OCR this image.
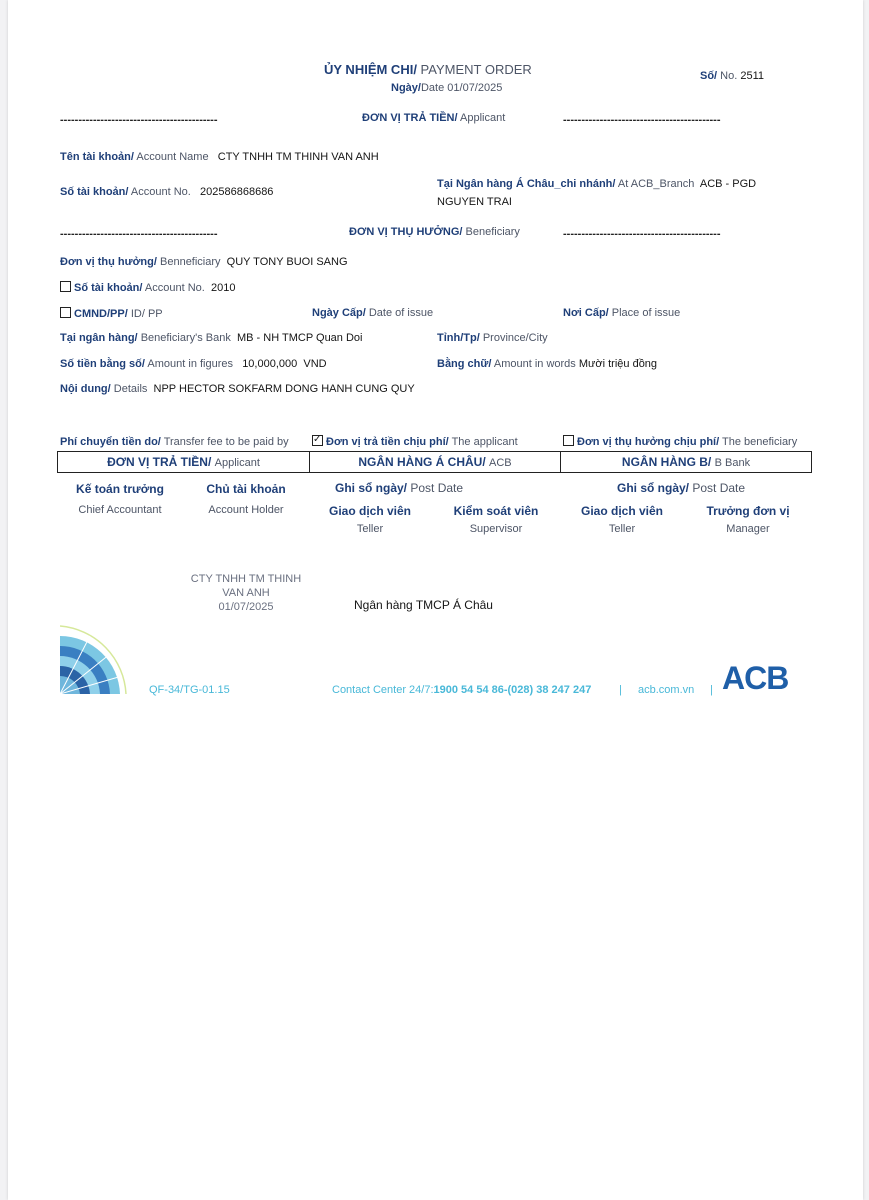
ỦY NHIỆM CHI/ PAYMENT ORDER
Ngày/Date 01/07/2025
Số/ No. 2511
-------------------------------------------	ĐƠN VỊ TRẢ TIỀN/ Applicant	-------------------------------------------
Tên tài khoản/ Account Name CTY TNHH TM THINH VAN ANH
Số tài khoản/ Account No. 202586868686
Tại Ngân hàng Á Châu_chi nhánh/ At ACB_Branch ACB - PGD
NGUYEN TRAI
-------------------------------------------	ĐƠN VỊ THỤ HƯỞNG/ Beneficiary	-------------------------------------------
Đơn vị thụ hưởng/ Benneficiary QUY TONY BUOI SANG
Số tài khoản/ Account No. 2010
CMND/PP/ ID/ PP	Ngày Cấp/ Date of issue	Nơi Cấp/ Place of issue
Tại ngân hàng/ Beneficiary's Bank MB - NH TMCP Quan Doi	Tỉnh/Tp/ Province/City
Số tiền bằng số/ Amount in figures 10,000,000 VND	Bằng chữ/ Amount in words Mười triệu đồng
Nội dung/ Details NPP HECTOR SOKFARM DONG HANH CUNG QUY
Phí chuyển tiền do/ Transfer fee to be paid by
✓	Đơn vị trả tiền chịu phí/ The applicant	Đơn vị thụ hưởng chịu phí/ The beneficiary
ĐƠN VỊ TRẢ TIỀN/ Applicant	NGÂN HÀNG Á CHÂU/ ACB	NGÂN HÀNG B/ B Bank
Kế toán trưởng
Chief Accountant
Chủ tài khoản
Account Holder
Ghi sổ ngày/ Post Date
Giao dịch viên
Teller
Kiểm soát viên
Supervisor
Ghi sổ ngày/ Post Date
Giao dịch viên
Teller
Trưởng đơn vị
Manager
CTY TNHH TM THINH
VAN ANH
01/07/2025	Ngân hàng TMCP Á Châu
QF-34/TG-01.15	Contact Center 24/7:1900 54 54 86-(028) 38 247 247	| acb.com.vn | ACB
